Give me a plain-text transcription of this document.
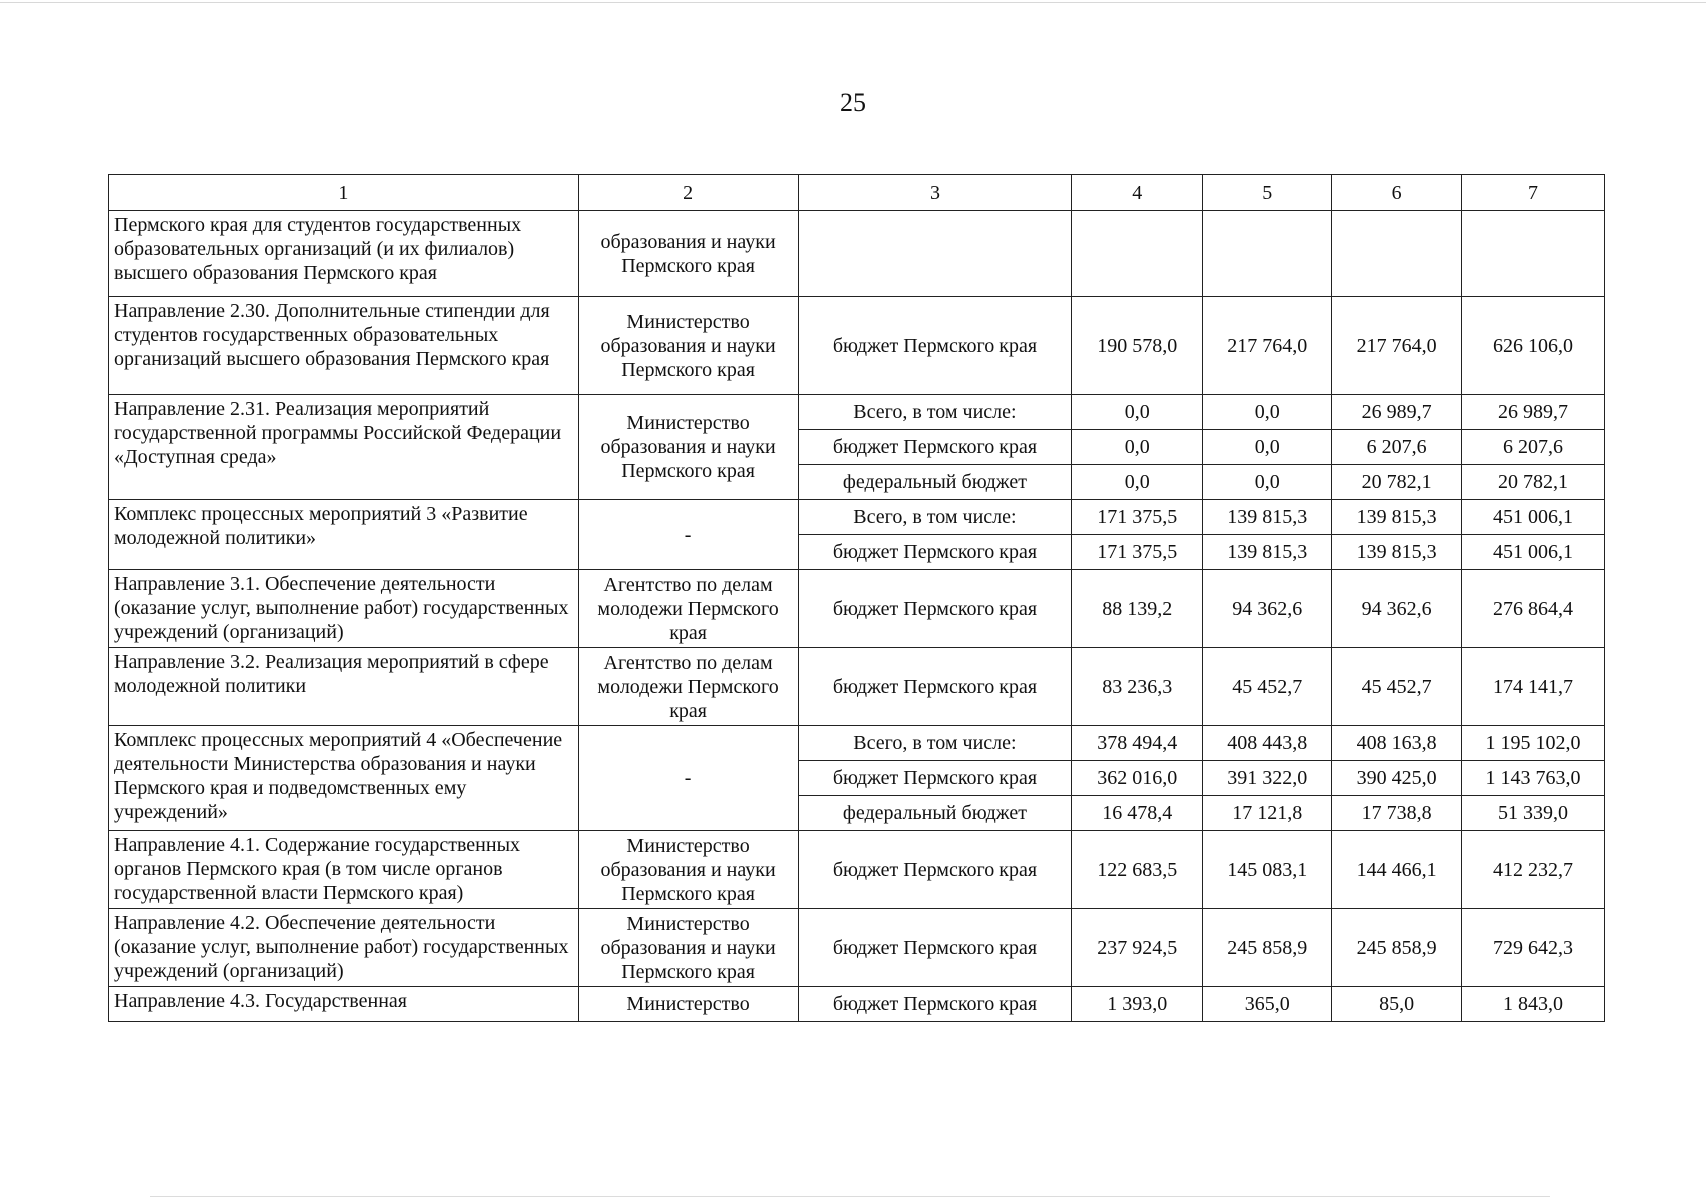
25
1	2	3	4	5	6	7
Пермского края для студентов государственных образовательных организаций (и их филиалов) высшего образования Пермского края	образования и науки Пермского края					
Направление 2.30. Дополнительные стипендии для студентов государственных образовательных организаций высшего образования Пермского края	Министерство образования и науки Пермского края	бюджет Пермского края	190 578,0	217 764,0	217 764,0	626 106,0
Направление 2.31. Реализация мероприятий государственной программы Российской Федерации «Доступная среда»	Министерство образования и науки Пермского края	Всего, в том числе:	0,0	0,0	26 989,7	26 989,7
		бюджет Пермского края	0,0	0,0	6 207,6	6 207,6
		федеральный бюджет	0,0	0,0	20 782,1	20 782,1
Комплекс процессных мероприятий 3 «Развитие молодежной политики»	-	Всего, в том числе:	171 375,5	139 815,3	139 815,3	451 006,1
		бюджет Пермского края	171 375,5	139 815,3	139 815,3	451 006,1
Направление 3.1. Обеспечение деятельности (оказание услуг, выполнение работ) государственных учреждений (организаций)	Агентство по делам молодежи Пермского края	бюджет Пермского края	88 139,2	94 362,6	94 362,6	276 864,4
Направление 3.2. Реализация мероприятий в сфере молодежной политики	Агентство по делам молодежи Пермского края	бюджет Пермского края	83 236,3	45 452,7	45 452,7	174 141,7
Комплекс процессных мероприятий 4 «Обеспечение деятельности Министерства образования и науки Пермского края и подведомственных ему учреждений»	-	Всего, в том числе:	378 494,4	408 443,8	408 163,8	1 195 102,0
		бюджет Пермского края	362 016,0	391 322,0	390 425,0	1 143 763,0
		федеральный бюджет	16 478,4	17 121,8	17 738,8	51 339,0
Направление 4.1. Содержание государственных органов Пермского края (в том числе органов государственной власти Пермского края)	Министерство образования и науки Пермского края	бюджет Пермского края	122 683,5	145 083,1	144 466,1	412 232,7
Направление 4.2. Обеспечение деятельности (оказание услуг, выполнение работ) государственных учреждений (организаций)	Министерство образования и науки Пермского края	бюджет Пермского края	237 924,5	245 858,9	245 858,9	729 642,3
Направление 4.3. Государственная	Министерство	бюджет Пермского края	1 393,0	365,0	85,0	1 843,0
